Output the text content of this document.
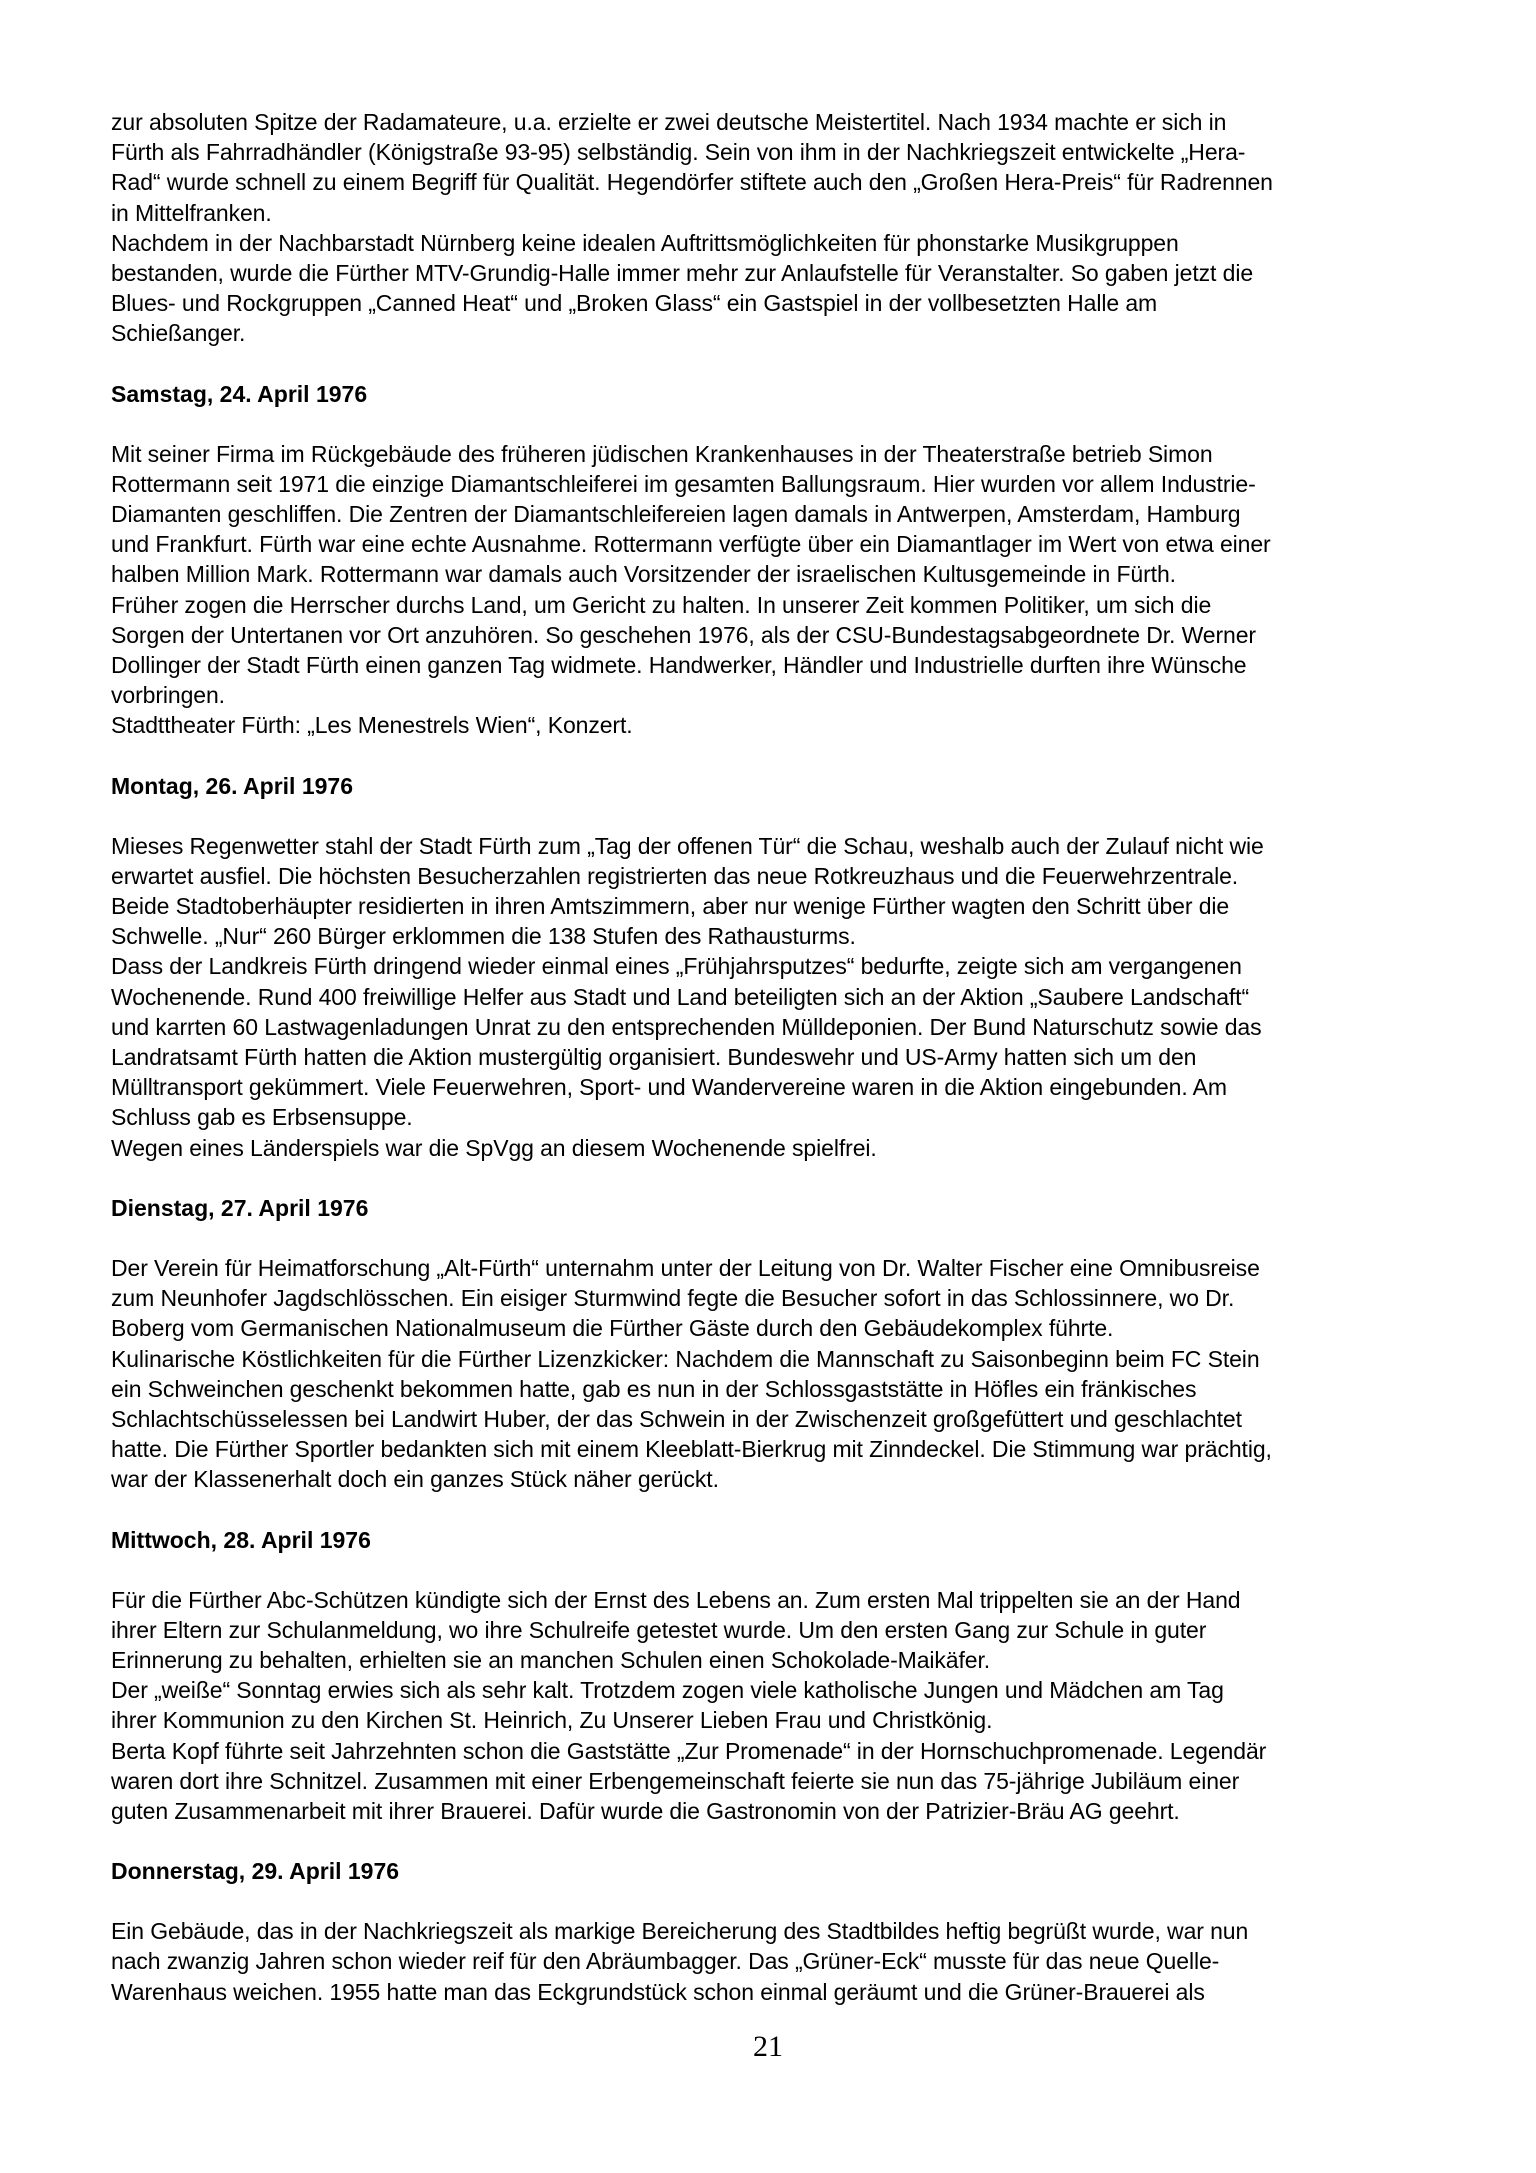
zur absoluten Spitze der Radamateure, u.a. erzielte er zwei deutsche Meistertitel. Nach 1934 machte er sich in
Fürth als Fahrradhändler (Königstraße 93-95) selbständig. Sein von ihm in der Nachkriegszeit entwickelte „Hera-
Rad“ wurde schnell zu einem Begriff für Qualität. Hegendörfer stiftete auch den „Großen Hera-Preis“ für Radrennen
in Mittelfranken.

Nachdem in der Nachbarstadt Nürnberg keine idealen Auftrittsmöglichkeiten für phonstarke Musikgruppen
bestanden, wurde die Fürther MTV-Grundig-Halle immer mehr zur Anlaufstelle für Veranstalter. So gaben jetzt die
Blues- und Rockgruppen „Canned Heat“ und „Broken Glass“ ein Gastspiel in der vollbesetzten Halle am
Schießanger.

Samstag, 24. April 1976

Mit seiner Firma im Rückgebäude des früheren jüdischen Krankenhauses in der Theaterstraße betrieb Simon
Rottermann seit 1971 die einzige Diamantschleiferei im gesamten Ballungsraum. Hier wurden vor allem Industrie-
Diamanten geschliffen. Die Zentren der Diamantschleifereien lagen damals in Antwerpen, Amsterdam, Hamburg
und Frankfurt. Fürth war eine echte Ausnahme. Rottermann verfügte über ein Diamantlager im Wert von etwa einer
halben Million Mark. Rottermann war damals auch Vorsitzender der israelischen Kultusgemeinde in Fürth.

Früher zogen die Herrscher durchs Land, um Gericht zu halten. In unserer Zeit kommen Politiker, um sich die
Sorgen der Untertanen vor Ort anzuhören. So geschehen 1976, als der CSU-Bundestagsabgeordnete Dr. Werner
Dollinger der Stadt Fürth einen ganzen Tag widmete. Handwerker, Händler und Industrielle durften ihre Wünsche
vorbringen.

Stadttheater Fürth: „Les Menestrels Wien“, Konzert.

Montag, 26. April 1976

Mieses Regenwetter stahl der Stadt Fürth zum „Tag der offenen Tür“ die Schau, weshalb auch der Zulauf nicht wie
erwartet ausfiel. Die höchsten Besucherzahlen registrierten das neue Rotkreuzhaus und die Feuerwehrzentrale.
Beide Stadtoberhäupter residierten in ihren Amtszimmern, aber nur wenige Fürther wagten den Schritt über die
Schwelle. „Nur“ 260 Bürger erklommen die 138 Stufen des Rathausturms.

Dass der Landkreis Fürth dringend wieder einmal eines „Frühjahrsputzes“ bedurfte, zeigte sich am vergangenen
Wochenende. Rund 400 freiwillige Helfer aus Stadt und Land beteiligten sich an der Aktion „Saubere Landschaft“
und karrten 60 Lastwagenladungen Unrat zu den entsprechenden Mülldeponien. Der Bund Naturschutz sowie das
Landratsamt Fürth hatten die Aktion mustergültig organisiert. Bundeswehr und US-Army hatten sich um den
Mülltransport gekümmert. Viele Feuerwehren, Sport- und Wandervereine waren in die Aktion eingebunden. Am
Schluss gab es Erbsensuppe.

Wegen eines Länderspiels war die SpVgg an diesem Wochenende spielfrei.

Dienstag, 27. April 1976

Der Verein für Heimatforschung „Alt-Fürth“ unternahm unter der Leitung von Dr. Walter Fischer eine Omnibusreise
zum Neunhofer Jagdschlösschen. Ein eisiger Sturmwind fegte die Besucher sofort in das Schlossinnere, wo Dr.
Boberg vom Germanischen Nationalmuseum die Fürther Gäste durch den Gebäudekomplex führte.

Kulinarische Köstlichkeiten für die Fürther Lizenzkicker: Nachdem die Mannschaft zu Saisonbeginn beim FC Stein
ein Schweinchen geschenkt bekommen hatte, gab es nun in der Schlossgaststätte in Höfles ein fränkisches
Schlachtschüsselessen bei Landwirt Huber, der das Schwein in der Zwischenzeit großgefüttert und geschlachtet
hatte. Die Fürther Sportler bedankten sich mit einem Kleeblatt-Bierkrug mit Zinndeckel. Die Stimmung war prächtig,
war der Klassenerhalt doch ein ganzes Stück näher gerückt.

Mittwoch, 28. April 1976

Für die Fürther Abc-Schützen kündigte sich der Ernst des Lebens an. Zum ersten Mal trippelten sie an der Hand
ihrer Eltern zur Schulanmeldung, wo ihre Schulreife getestet wurde. Um den ersten Gang zur Schule in guter
Erinnerung zu behalten, erhielten sie an manchen Schulen einen Schokolade-Maikäfer.

Der „weiße“ Sonntag erwies sich als sehr kalt. Trotzdem zogen viele katholische Jungen und Mädchen am Tag
ihrer Kommunion zu den Kirchen St. Heinrich, Zu Unserer Lieben Frau und Christkönig.

Berta Kopf führte seit Jahrzehnten schon die Gaststätte „Zur Promenade“ in der Hornschuchpromenade. Legendär
waren dort ihre Schnitzel. Zusammen mit einer Erbengemeinschaft feierte sie nun das 75-jährige Jubiläum einer
guten Zusammenarbeit mit ihrer Brauerei. Dafür wurde die Gastronomin von der Patrizier-Bräu AG geehrt.

Donnerstag, 29. April 1976

Ein Gebäude, das in der Nachkriegszeit als markige Bereicherung des Stadtbildes heftig begrüßt wurde, war nun
nach zwanzig Jahren schon wieder reif für den Abräumbagger. Das „Grüner-Eck“ musste für das neue Quelle-
Warenhaus weichen. 1955 hatte man das Eckgrundstück schon einmal geräumt und die Grüner-Brauerei als

21
